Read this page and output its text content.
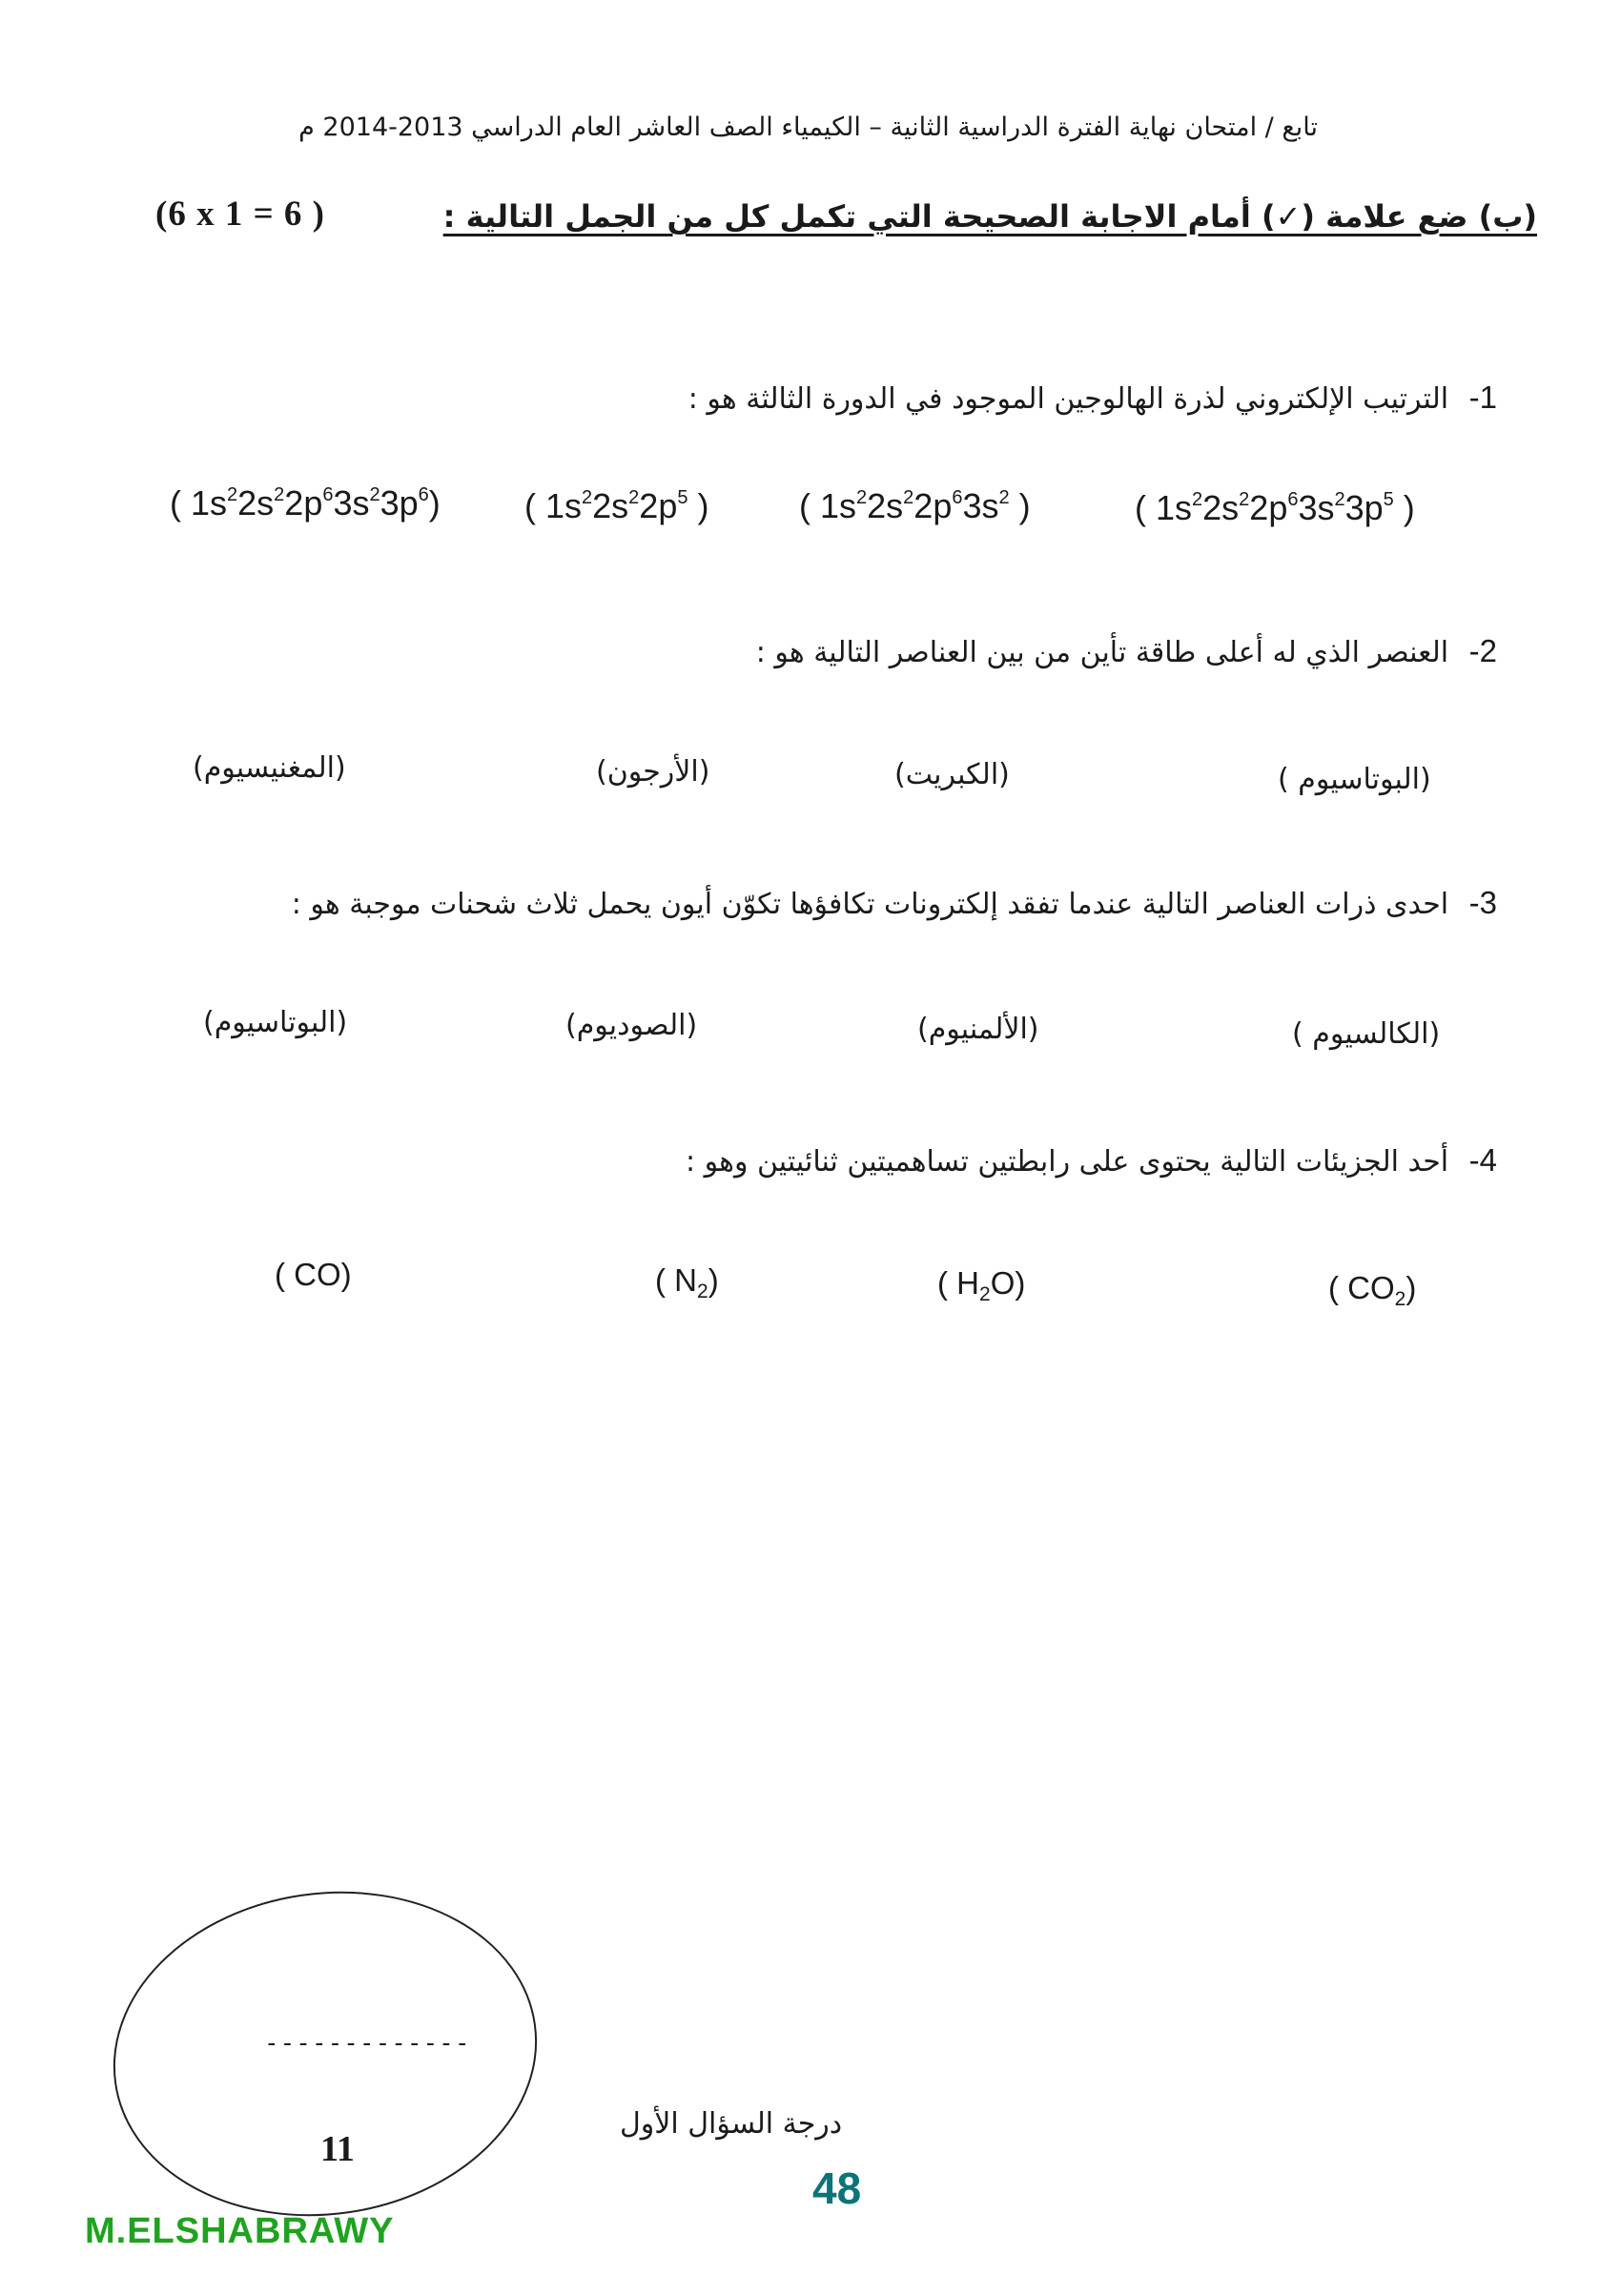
تابع / امتحان نهاية الفترة الدراسية الثانية – الكيمياء الصف العاشر العام الدراسي 2013-2014 م
(ب) ضع علامة (✓) أمام الاجابة الصحيحة التي تكمل كل من الجمل التالية :
(6 x 1 = 6 )
1- الترتيب الإلكتروني لذرة الهالوجين الموجود في الدورة الثالثة هو :
( $1s^22s^22p^63s^23p^5$ )
( $1s^22s^22p^63s^2$ )
( $1s^22s^22p^5$ )
( $1s^22s^22p^63s^23p^6$)
2- العنصر الذي له أعلى طاقة تأين من بين العناصر التالية هو :
(البوتاسيوم )
(الكبريت)
(الأرجون)
(المغنيسيوم)
3- احدى ذرات العناصر التالية عندما تفقد إلكترونات تكافؤها تكوّن أيون يحمل ثلاث شحنات موجبة هو :
(الكالسيوم )
(الألمنيوم)
(الصوديوم)
(البوتاسيوم)
4- أحد الجزيئات التالية يحتوى على رابطتين تساهميتين ثنائيتين وهو :
( $CO_2$)
( $H_2O$)
( $N_2$)
( CO)
-------------
11
درجة السؤال الأول
48
M.ELSHABRAWY
